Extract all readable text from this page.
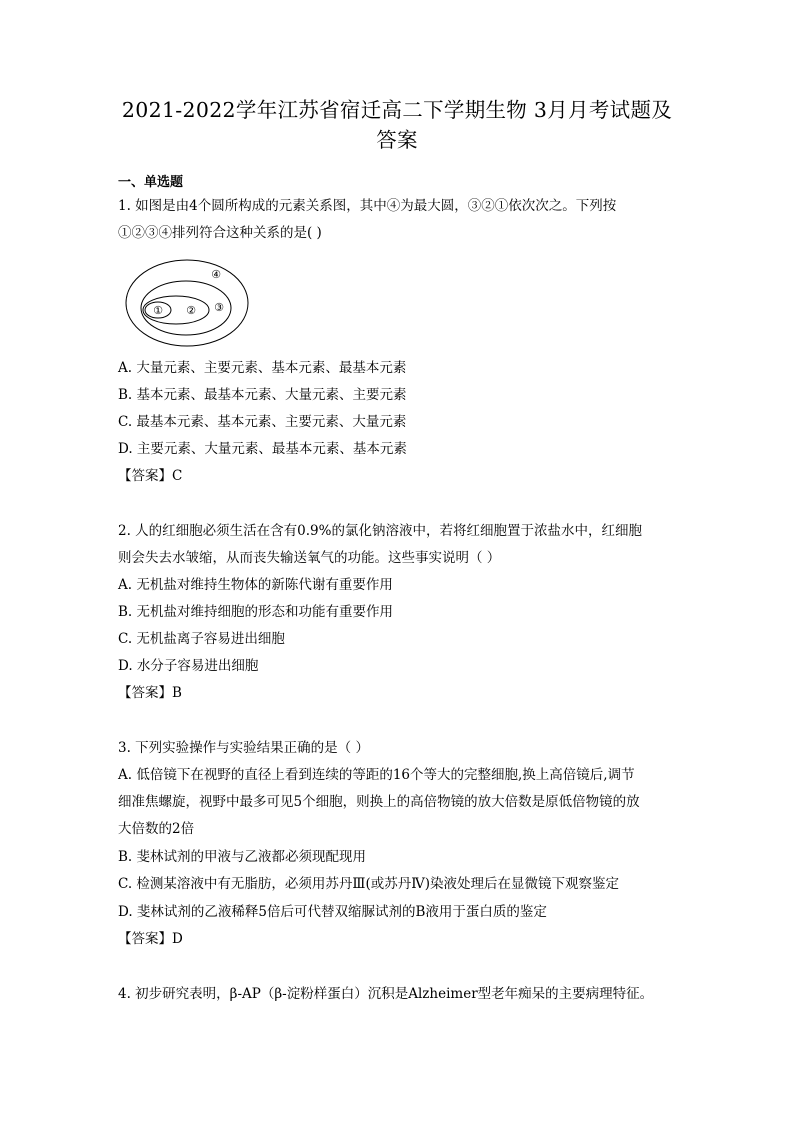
2021-2022学年江苏省宿迁高二下学期生物 3月月考试题及
答案
一、单选题
1. 如图是由4个圆所构成的元素关系图，其中④为最大圆，③②①依次次之。下列按
①②③④排列符合这种关系的是( )
① ② ③
④
A. 大量元素、主要元素、基本元素、最基本元素
B. 基本元素、最基本元素、大量元素、主要元素
C. 最基本元素、基本元素、主要元素、大量元素
D. 主要元素、大量元素、最基本元素、基本元素
【答案】C
2. 人的红细胞必须生活在含有0.9%的氯化钠溶液中，若将红细胞置于浓盐水中，红细胞
则会失去水皱缩，从而丧失输送氧气的功能。这些事实说明（ ）
A. 无机盐对维持生物体的新陈代谢有重要作用
B. 无机盐对维持细胞的形态和功能有重要作用
C. 无机盐离子容易进出细胞
D. 水分子容易进出细胞
【答案】B
3. 下列实验操作与实验结果正确的是（ ）
A. 低倍镜下在视野的直径上看到连续的等距的16个等大的完整细胞,换上高倍镜后,调节
细准焦螺旋，视野中最多可见5个细胞，则换上的高倍物镜的放大倍数是原低倍物镜的放
大倍数的2倍
B. 斐林试剂的甲液与乙液都必须现配现用
C. 检测某溶液中有无脂肪，必须用苏丹Ⅲ(或苏丹Ⅳ)染液处理后在显微镜下观察鉴定
D. 斐林试剂的乙液稀释5倍后可代替双缩脲试剂的B液用于蛋白质的鉴定
【答案】D
4. 初步研究表明，β-AP（β-淀粉样蛋白）沉积是Alzheimer型老年痴呆的主要病理特征。
